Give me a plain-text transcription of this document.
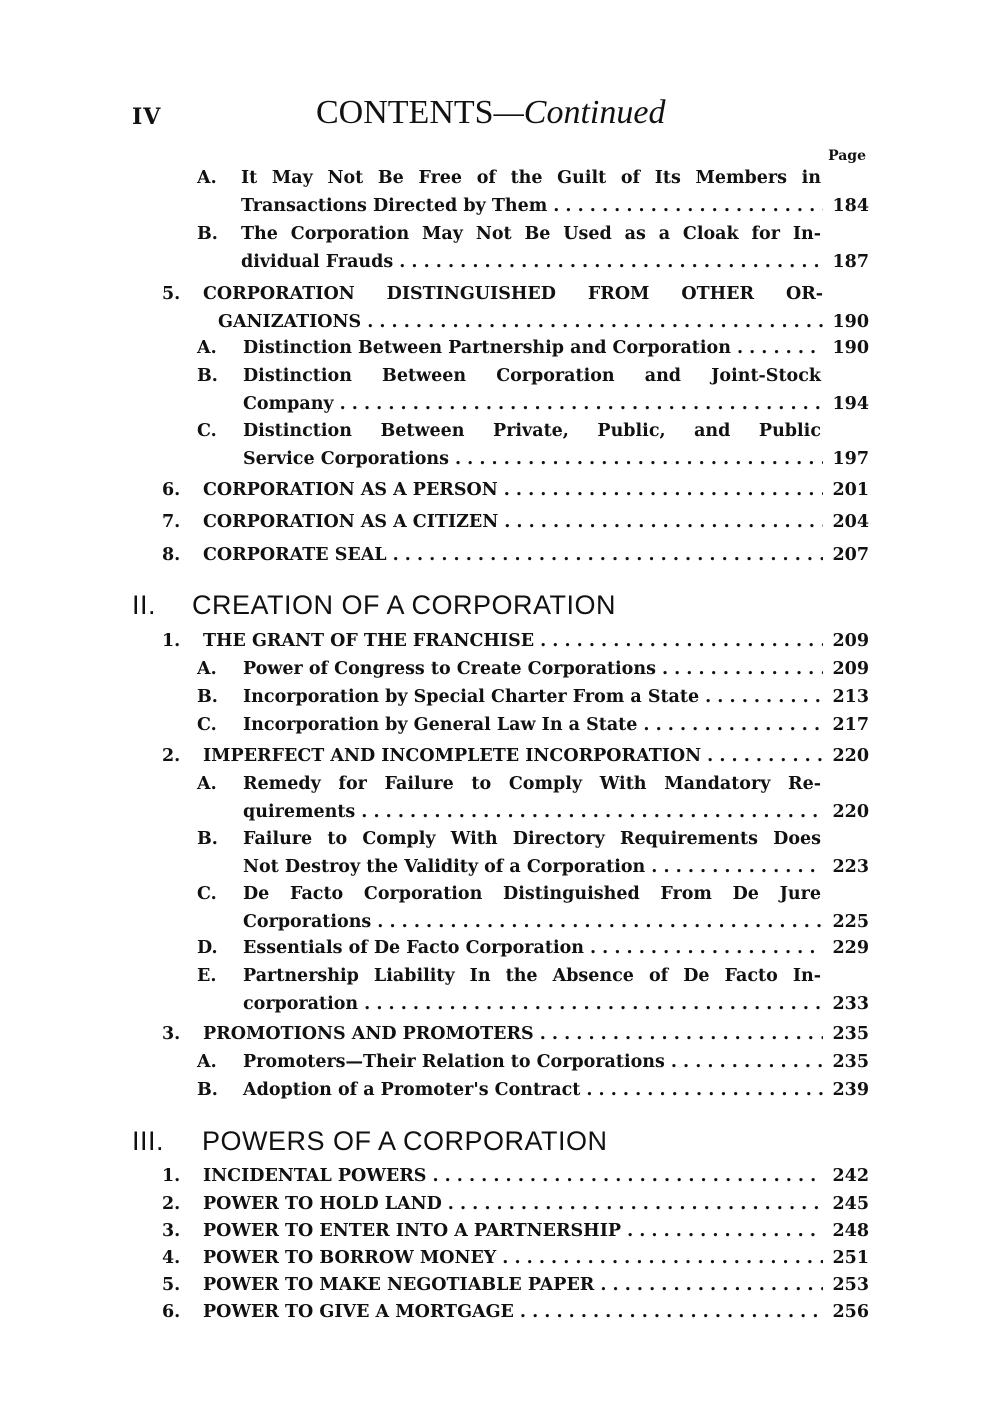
IV	CONTENTS—Continued
Page
A.	It May Not Be Free of the Guilt of Its Members in
Transactions Directed by Them . . .	184
B.	The Corporation May Not Be Used as a Cloak for In-
dividual Frauds . . .	187
5.	CORPORATION DISTINGUISHED FROM OTHER OR-
GANIZATIONS . . .	190
A.	Distinction Between Partnership and Corporation . . .	190
B.	Distinction Between Corporation and Joint-Stock
Company . . .	194
C.	Distinction Between Private, Public, and Public
Service Corporations . . .	197
6.	CORPORATION AS A PERSON . . .	201
7.	CORPORATION AS A CITIZEN . . .	204
8.	CORPORATE SEAL . . .	207
II. CREATION OF A CORPORATION
1.	THE GRANT OF THE FRANCHISE . . .	209
A.	Power of Congress to Create Corporations . . .	209
B.	Incorporation by Special Charter From a State . . .	213
C.	Incorporation by General Law In a State . . .	217
2.	IMPERFECT AND INCOMPLETE INCORPORATION . . .	220
A.	Remedy for Failure to Comply With Mandatory Re-
quirements . . .	220
B.	Failure to Comply With Directory Requirements Does
Not Destroy the Validity of a Corporation . . .	223
C.	De Facto Corporation Distinguished From De Jure
Corporations . . .	225
D.	Essentials of De Facto Corporation . . .	229
E.	Partnership Liability In the Absence of De Facto In-
corporation . . .	233
3.	PROMOTIONS AND PROMOTERS . . .	235
A.	Promoters—Their Relation to Corporations . . .	235
B.	Adoption of a Promoter's Contract . . .	239
III. POWERS OF A CORPORATION
1.	INCIDENTAL POWERS . . .	242
2.	POWER TO HOLD LAND . . .	245
3.	POWER TO ENTER INTO A PARTNERSHIP . . .	248
4.	POWER TO BORROW MONEY . . .	251
5.	POWER TO MAKE NEGOTIABLE PAPER . . .	253
6.	POWER TO GIVE A MORTGAGE . . .	256
